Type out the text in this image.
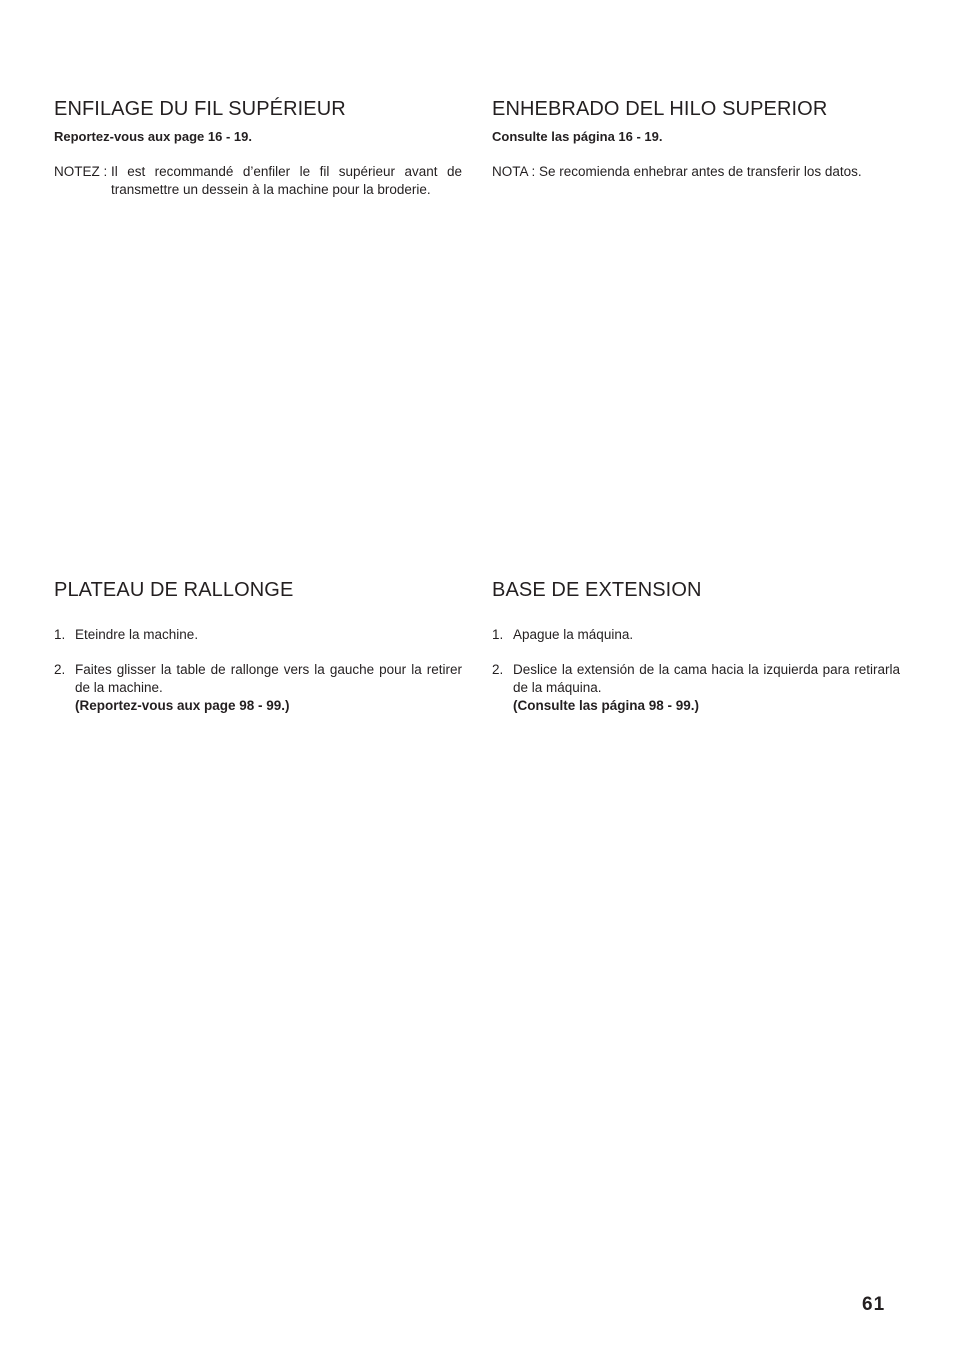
ENFILAGE DU FIL SUPÉRIEUR

Reportez-vous aux page 16 - 19.

NOTEZ : Il est recommandé d’enfiler le fil supérieur avant de transmettre un dessein à la machine pour la broderie.
ENHEBRADO DEL HILO SUPERIOR

Consulte las página 16 - 19.

NOTA : Se recomienda enhebrar antes de transferir los datos.

PLATEAU DE RALLONGE
1. Eteindre la machine.
2. Faites glisser la table de rallonge vers la gauche pour la retirer de la machine.
(Reportez-vous aux page 98 - 99.)
BASE DE EXTENSION
1. Apague la máquina.
2. Deslice la extensión de la cama hacia la izquierda para retirarla de la máquina.
(Consulte las página 98 - 99.)
61
